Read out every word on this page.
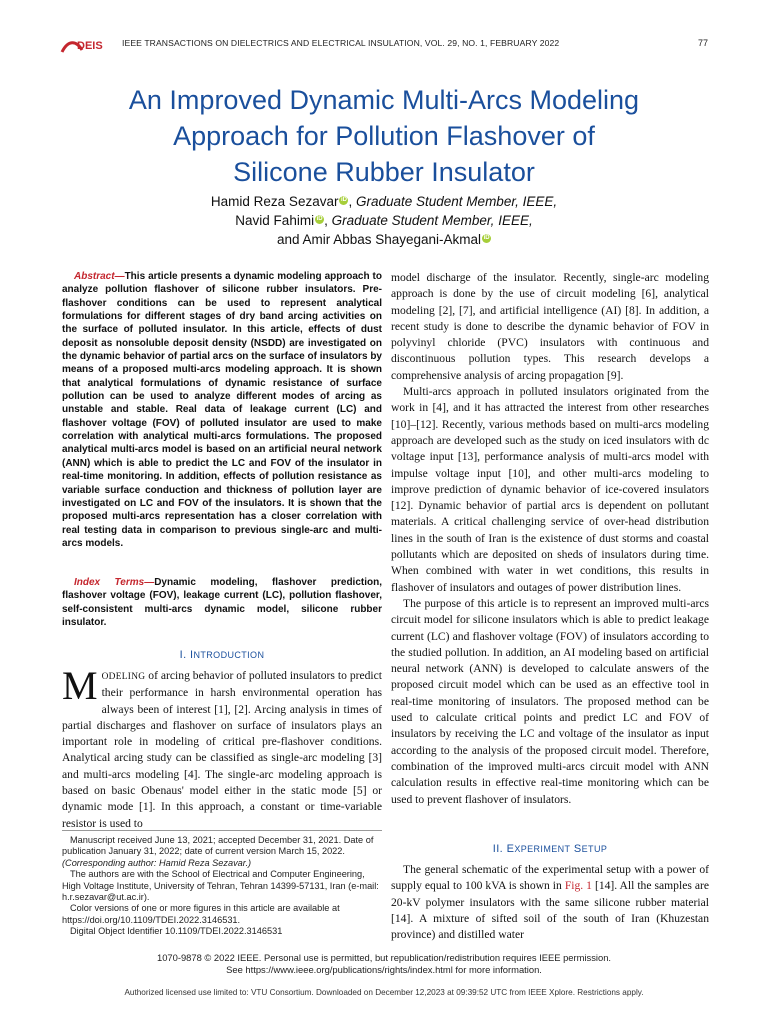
DEIS IEEE TRANSACTIONS ON DIELECTRICS AND ELECTRICAL INSULATION, VOL. 29, NO. 1, FEBRUARY 2022	77
An Improved Dynamic Multi-Arcs Modeling
Approach for Pollution Flashover of
Silicone Rubber Insulator
Hamid Reza Sezavar iD , Graduate Student Member, IEEE,
Navid Fahimi iD , Graduate Student Member, IEEE,
and Amir Abbas Shayegani-Akmal iD

Abstract—This article presents a dynamic modeling approach to analyze pollution flashover of silicone rubber insulators. Pre-flashover conditions can be used to represent analytical formulations for different stages of dry band arcing activities on the surface of polluted insulator. In this article, effects of dust deposit as nonsoluble deposit density (NSDD) are investigated on the dynamic behavior of partial arcs on the surface of insulators by means of a proposed multi-arcs modeling approach. It is shown that analytical formulations of dynamic resistance of surface pollution can be used to analyze different modes of arcing as unstable and stable. Real data of leakage current (LC) and flashover voltage (FOV) of polluted insulator are used to make correlation with analytical multi-arcs formulations. The proposed analytical multi-arcs model is based on an artificial neural network (ANN) which is able to predict the LC and FOV of the insulator in real-time monitoring. In addition, effects of pollution resistance as variable surface conduction and thickness of pollution layer are investigated on LC and FOV of the insulators. It is shown that the proposed multi-arcs representation has a closer correlation with real testing data in comparison to previous single-arc and multi-arcs models.

Index Terms—Dynamic modeling, flashover prediction, flashover voltage (FOV), leakage current (LC), pollution flashover, self-consistent multi-arcs dynamic model, silicone rubber insulator.

I. INTRODUCTION
MODELING of arcing behavior of polluted insulators to predict their performance in harsh environmental operation has always been of interest [1], [2]. Arcing analysis in times of partial discharges and flashover on surface of insulators plays an important role in modeling of critical pre-flashover conditions. Analytical arcing study can be classified as single-arc modeling [3] and multi-arcs modeling [4]. The single-arc modeling approach is based on basic Obenaus' model either in the static mode [5] or dynamic mode [1]. In this approach, a constant or time-variable resistor is used to

Manuscript received June 13, 2021; accepted December 31, 2021. Date of publication January 31, 2022; date of current version March 15, 2022. (Corresponding author: Hamid Reza Sezavar.)

The authors are with the School of Electrical and Computer Engineering, High Voltage Institute, University of Tehran, Tehran 14399-57131, Iran (e-mail: h.r.sezavar@ut.ac.ir).

Color versions of one or more figures in this article are available at https://doi.org/10.1109/TDEI.2022.3146531.

Digital Object Identifier 10.1109/TDEI.2022.3146531

model discharge of the insulator. Recently, single-arc modeling approach is done by the use of circuit modeling [6], analytical modeling [2], [7], and artificial intelligence (AI) [8]. In addition, a recent study is done to describe the dynamic behavior of FOV in polyvinyl chloride (PVC) insulators with continuous and discontinuous pollution types. This research develops a comprehensive analysis of arcing propagation [9].

Multi-arcs approach in polluted insulators originated from the work in [4], and it has attracted the interest from other researches [10]–[12]. Recently, various methods based on multi-arcs modeling approach are developed such as the study on iced insulators with dc voltage input [13], performance analysis of multi-arcs model with impulse voltage input [10], and other multi-arcs modeling to improve prediction of dynamic behavior of ice-covered insulators [12]. Dynamic behavior of partial arcs is dependent on pollutant materials. A critical challenging service of over-head distribution lines in the south of Iran is the existence of dust storms and coastal pollutants which are deposited on sheds of insulators during time. When combined with water in wet conditions, this results in flashover of insulators and outages of power distribution lines.

The purpose of this article is to represent an improved multi-arcs circuit model for silicone insulators which is able to predict leakage current (LC) and flashover voltage (FOV) of insulators according to the studied pollution. In addition, an AI modeling based on artificial neural network (ANN) is developed to calculate answers of the proposed circuit model which can be used as an effective tool in real-time monitoring of insulators. The proposed method can be used to calculate critical points and predict LC and FOV of insulators by receiving the LC and voltage of the insulator as input according to the analysis of the proposed circuit model. Therefore, combination of the improved multi-arcs circuit model with ANN calculation results in effective real-time monitoring which can be used to prevent flashover of insulators.

II. EXPERIMENT SETUP

The general schematic of the experimental setup with a power of supply equal to 100 kVA is shown in Fig. 1 [14]. All the samples are 20-kV polymer insulators with the same silicone rubber material [14]. A mixture of sifted soil of the south of Iran (Khuzestan province) and distilled water

1070-9878 © 2022 IEEE. Personal use is permitted, but republication/redistribution requires IEEE permission.

See https://www.ieee.org/publications/rights/index.html for more information.

Authorized licensed use limited to: VTU Consortium. Downloaded on December 12,2023 at 09:39:52 UTC from IEEE Xplore. Restrictions apply.
